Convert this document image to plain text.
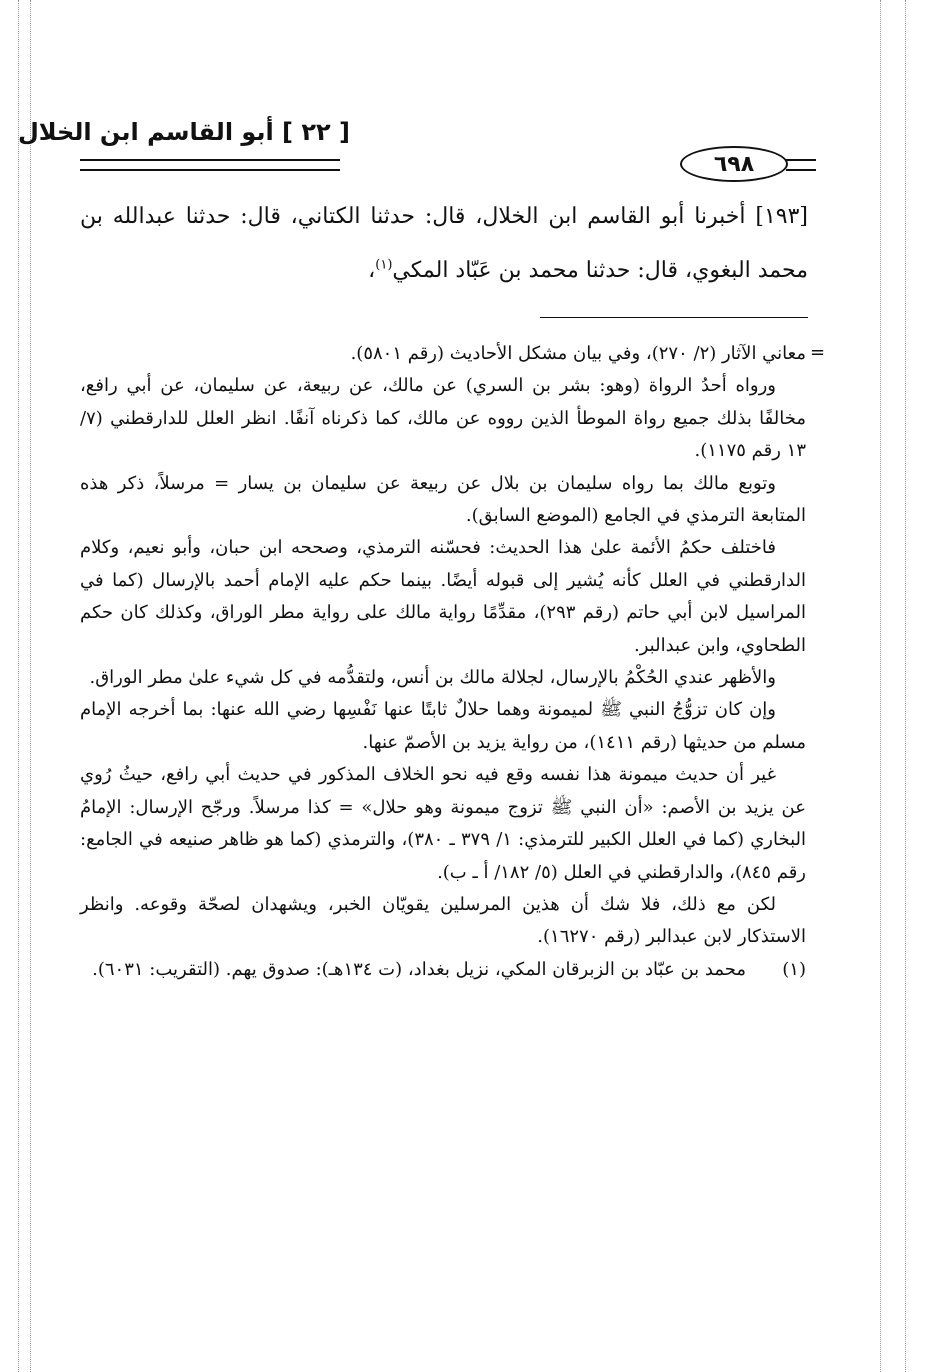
[ ٢٢ ] أبو القاسم ابن الخلال
٦٩٨

[١٩٣] أخبرنا أبو القاسم ابن الخلال، قال: حدثنا الكتاني، قال: حدثنا عبدالله بن محمد البغوي، قال: حدثنا محمد بن عَبّاد المكي$^{(١)}$،

=

معاني الآثار (٢/ ٢٧٠)، وفي بيان مشكل الأحاديث (رقم ٥٨٠١).

ورواه أحدُ الرواة (وهو: بشر بن السري) عن مالك، عن ربيعة، عن سليمان، عن أبي رافع، مخالفًا بذلك جميع رواة الموطأ الذين رووه عن مالك، كما ذكرناه آنفًا. انظر العلل للدارقطني (٧/ ١٣ رقم ١١٧٥).

وتوبع مالك بما رواه سليمان بن بلال عن ربيعة عن سليمان بن يسار = مرسلاً، ذكر هذه المتابعة الترمذي في الجامع (الموضع السابق).

فاختلف حكمُ الأئمة علىٰ هذا الحديث: فحسّنه الترمذي، وصححه ابن حبان، وأبو نعيم، وكلام الدارقطني في العلل كأنه يُشير إلى قبوله أيضًا. بينما حكم عليه الإمام أحمد بالإرسال (كما في المراسيل لابن أبي حاتم (رقم ٢٩٣)، مقدِّمًا رواية مالك على رواية مطر الوراق، وكذلك كان حكم الطحاوي، وابن عبدالبر.

والأظهر عندي الحُكْمُ بالإرسال، لجلالة مالك بن أنس، ولتقدُّمه في كل شيء علىٰ مطر الوراق.

وإن كان تزوُّجُ النبي ﷺ لميمونة وهما حلالٌ ثابتًا عنها نَفْسِها رضي الله عنها: بما أخرجه الإمام مسلم من حديثها (رقم ١٤١١)، من رواية يزيد بن الأصمّ عنها.

غير أن حديث ميمونة هذا نفسه وقع فيه نحو الخلاف المذكور في حديث أبي رافع، حيثُ رُوي عن يزيد بن الأصم: «أن النبي ﷺ تزوج ميمونة وهو حلال» = كذا مرسلاً. ورجّح الإرسال: الإمامُ البخاري (كما في العلل الكبير للترمذي: ١/ ٣٧٩ ـ ٣٨٠)، والترمذي (كما هو ظاهر صنيعه في الجامع: رقم ٨٤٥)، والدارقطني في العلل (٥/ ١٨٢/ أ ـ ب).

لكن مع ذلك، فلا شك أن هذين المرسلين يقويّان الخبر، ويشهدان لصحّة وقوعه. وانظر الاستذكار لابن عبدالبر (رقم ١٦٢٧٠).

(١)
محمد بن عبّاد بن الزبرقان المكي، نزيل بغداد، (ت ١٣٤هـ): صدوق يهم. (التقريب: ٦٠٣١).
